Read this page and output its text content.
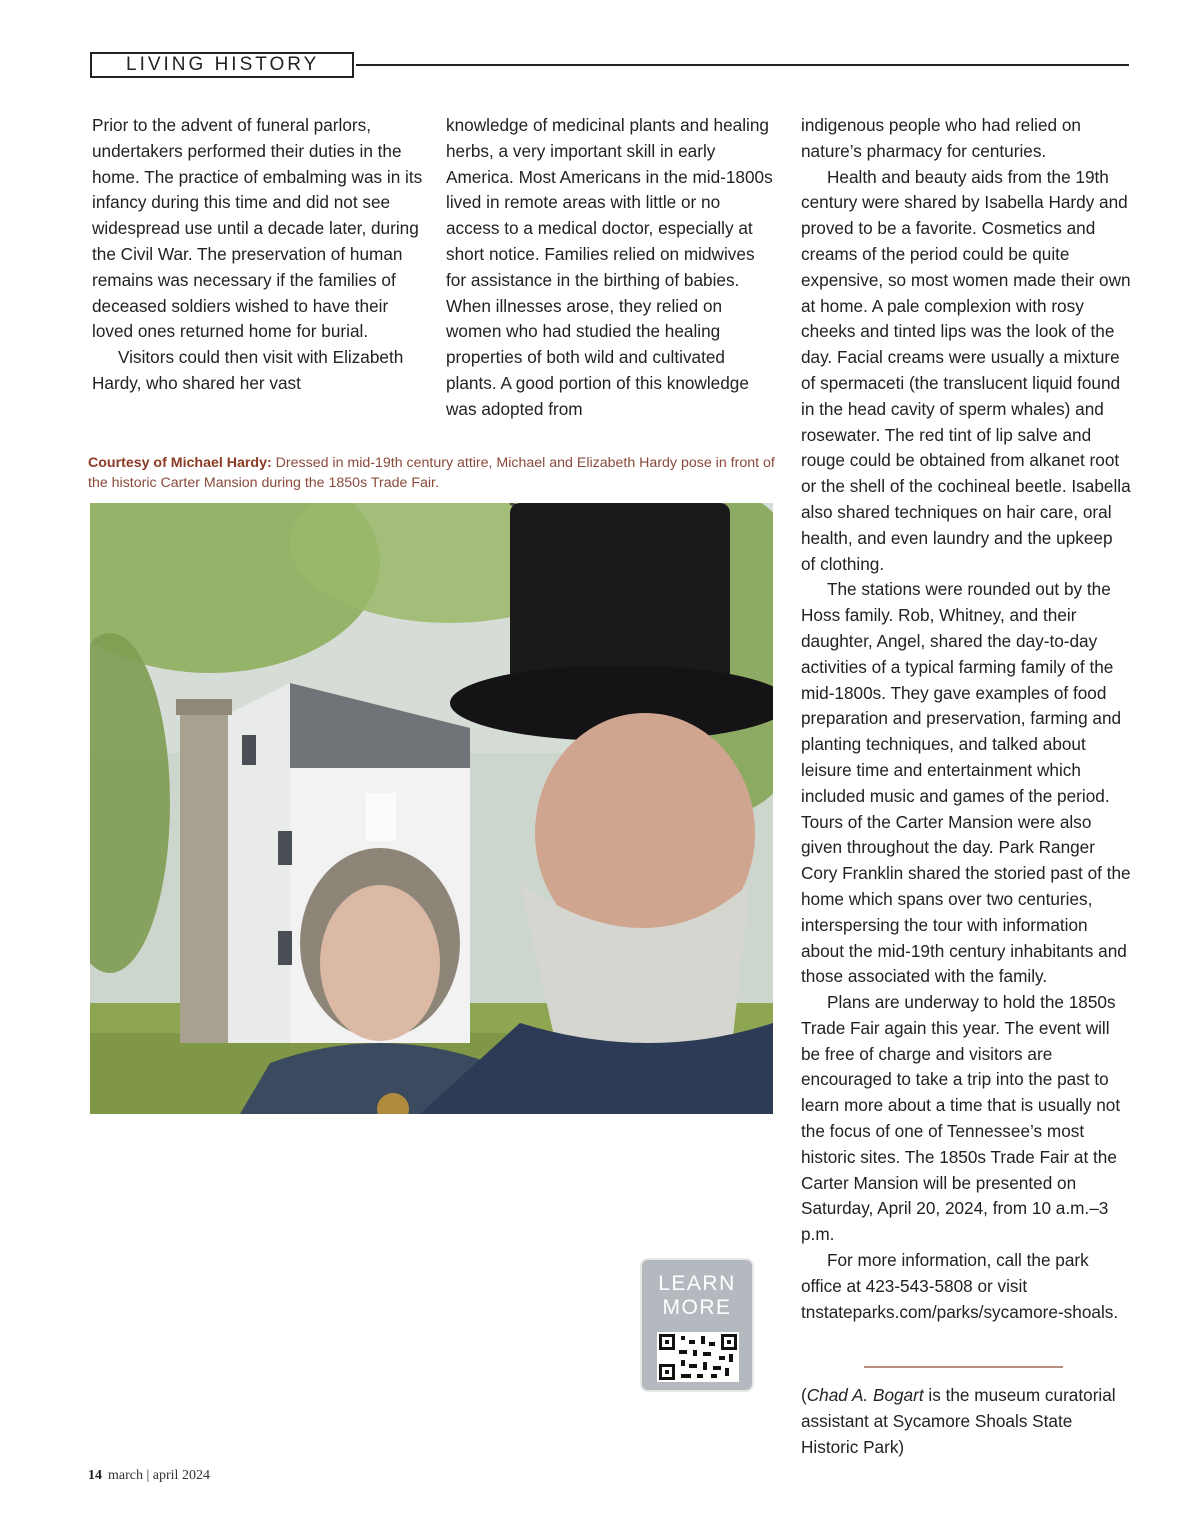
LIVING HISTORY

Prior to the advent of funeral parlors, undertakers performed their duties in the home. The practice of embalming was in its infancy during this time and did not see widespread use until a decade later, during the Civil War. The preservation of human remains was necessary if the families of deceased soldiers wished to have their loved ones returned home for burial.

Visitors could then visit with Elizabeth Hardy, who shared her vast

knowledge of medicinal plants and healing herbs, a very important skill in early America. Most Americans in the mid-1800s lived in remote areas with little or no access to a medical doctor, especially at short notice. Families relied on midwives for assistance in the birthing of babies. When illnesses arose, they relied on women who had studied the healing properties of both wild and cultivated plants. A good portion of this knowledge was adopted from

Courtesy of Michael Hardy: Dressed in mid-19th century attire, Michael and Elizabeth Hardy pose in front of the historic Carter Mansion during the 1850s Trade Fair.
LEARN
MORE

indigenous people who had relied on nature’s pharmacy for centuries.

Health and beauty aids from the 19th century were shared by Isabella Hardy and proved to be a favorite. Cosmetics and creams of the period could be quite expensive, so most women made their own at home. A pale complexion with rosy cheeks and tinted lips was the look of the day. Facial creams were usually a mixture of spermaceti (the translucent liquid found in the head cavity of sperm whales) and rosewater. The red tint of lip salve and rouge could be obtained from alkanet root or the shell of the cochineal beetle. Isabella also shared techniques on hair care, oral health, and even laundry and the upkeep of clothing.

The stations were rounded out by the Hoss family. Rob, Whitney, and their daughter, Angel, shared the day-to-day activities of a typical farming family of the mid-1800s. They gave examples of food preparation and preservation, farming and planting techniques, and talked about leisure time and entertainment which included music and games of the period. Tours of the Carter Mansion were also given throughout the day. Park Ranger Cory Franklin shared the storied past of the home which spans over two centuries, interspersing the tour with information about the mid-19th century inhabitants and those associated with the family.

Plans are underway to hold the 1850s Trade Fair again this year. The event will be free of charge and visitors are encouraged to take a trip into the past to learn more about a time that is usually not the focus of one of Tennessee’s most historic sites. The 1850s Trade Fair at the Carter Mansion will be presented on Saturday, April 20, 2024, from 10 a.m.–3 p.m.

For more information, call the park office at 423-543-5808 or visit tnstateparks.com/parks/sycamore-shoals.

(Chad A. Bogart is the museum curatorial assistant at Sycamore Shoals State Historic Park)
14 march | april 2024
